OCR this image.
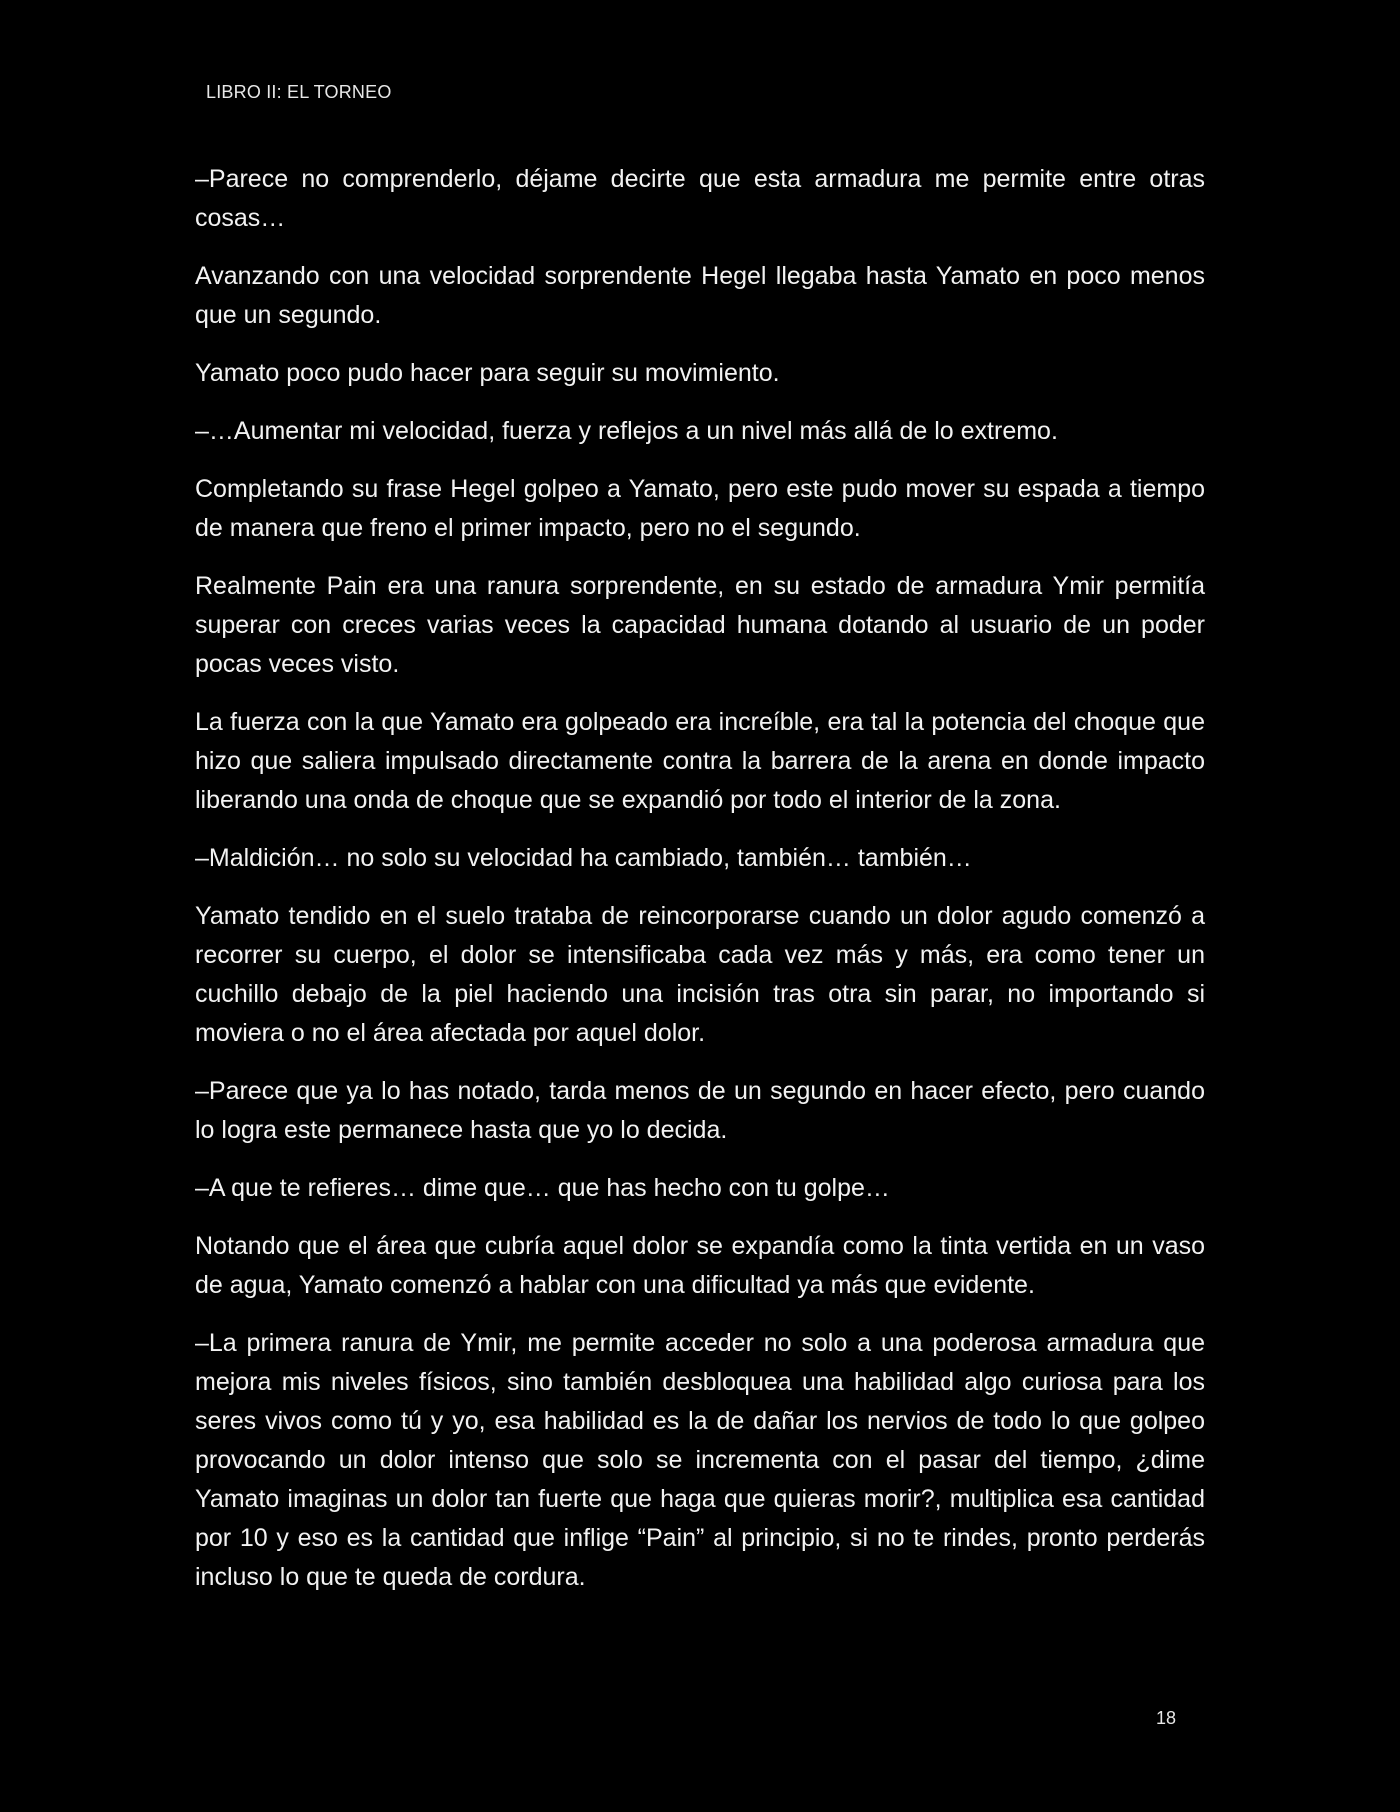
LIBRO II: EL TORNEO

–Parece no comprenderlo, déjame decirte que esta armadura me permite entre otras cosas…

Avanzando con una velocidad sorprendente Hegel llegaba hasta Yamato en poco menos que un segundo.

Yamato poco pudo hacer para seguir su movimiento.

–…Aumentar mi velocidad, fuerza y reflejos a un nivel más allá de lo extremo.

Completando su frase Hegel golpeo a Yamato, pero este pudo mover su espada a tiempo de manera que freno el primer impacto, pero no el segundo.

Realmente Pain era una ranura sorprendente, en su estado de armadura Ymir permitía superar con creces varias veces la capacidad humana dotando al usuario de un poder pocas veces visto.

La fuerza con la que Yamato era golpeado era increíble, era tal la potencia del choque que hizo que saliera impulsado directamente contra la barrera de la arena en donde impacto liberando una onda de choque que se expandió por todo el interior de la zona.

–Maldición… no solo su velocidad ha cambiado, también… también…

Yamato tendido en el suelo trataba de reincorporarse cuando un dolor agudo comenzó a recorrer su cuerpo, el dolor se intensificaba cada vez más y más, era como tener un cuchillo debajo de la piel haciendo una incisión tras otra sin parar, no importando si moviera o no el área afectada por aquel dolor.

–Parece que ya lo has notado, tarda menos de un segundo en hacer efecto, pero cuando lo logra este permanece hasta que yo lo decida.

–A que te refieres… dime que… que has hecho con tu golpe…

Notando que el área que cubría aquel dolor se expandía como la tinta vertida en un vaso de agua, Yamato comenzó a hablar con una dificultad ya más que evidente.

–La primera ranura de Ymir, me permite acceder no solo a una poderosa armadura que mejora mis niveles físicos, sino también desbloquea una habilidad algo curiosa para los seres vivos como tú y yo, esa habilidad es la de dañar los nervios de todo lo que golpeo provocando un dolor intenso que solo se incrementa con el pasar del tiempo, ¿dime Yamato imaginas un dolor tan fuerte que haga que quieras morir?, multiplica esa cantidad por 10 y eso es la cantidad que inflige “Pain” al principio, si no te rindes, pronto perderás incluso lo que te queda de cordura.

18
